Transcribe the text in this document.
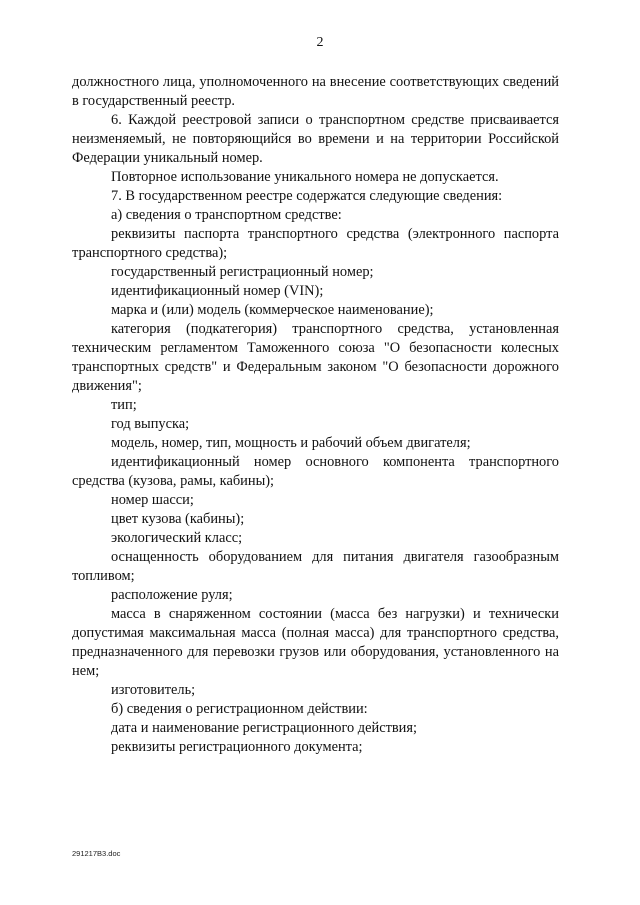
2

должностного лица, уполномоченного на внесение соответствующих сведений в государственный реестр.

6. Каждой реестровой записи о транспортном средстве присваивается неизменяемый, не повторяющийся во времени и на территории Российской Федерации уникальный номер.

Повторное использование уникального номера не допускается.

7. В государственном реестре содержатся следующие сведения:

а) сведения о транспортном средстве:

реквизиты паспорта транспортного средства (электронного паспорта транспортного средства);

государственный регистрационный номер;

идентификационный номер (VIN);

марка и (или) модель (коммерческое наименование);

категория (подкатегория) транспортного средства, установленная техническим регламентом Таможенного союза "О безопасности колесных транспортных средств" и Федеральным законом "О безопасности дорожного движения";

тип;

год выпуска;

модель, номер, тип, мощность и рабочий объем двигателя;

идентификационный номер основного компонента транспортного средства (кузова, рамы, кабины);

номер шасси;

цвет кузова (кабины);

экологический класс;

оснащенность оборудованием для питания двигателя газообразным топливом;

расположение руля;

масса в снаряженном состоянии (масса без нагрузки) и технически допустимая максимальная масса (полная масса) для транспортного средства, предназначенного для перевозки грузов или оборудования, установленного на нем;

изготовитель;

б) сведения о регистрационном действии:

дата и наименование регистрационного действия;

реквизиты регистрационного документа;

291217B3.doc
